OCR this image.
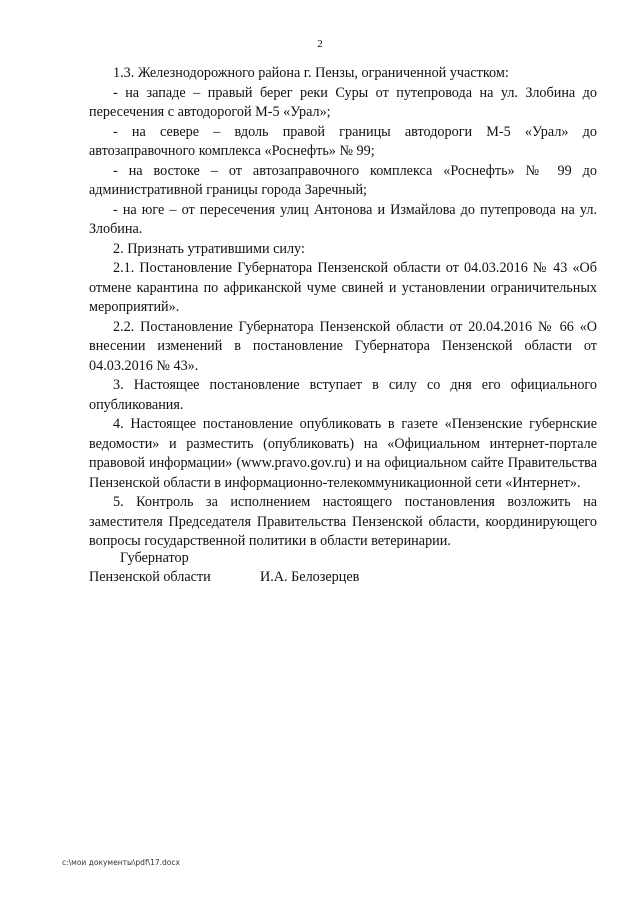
2

1.3. Железнодорожного района г. Пензы, ограниченной участком:

- на западе – правый берег реки Суры от путепровода на ул. Злобина до пересечения с автодорогой М-5 «Урал»;

- на севере – вдоль правой границы автодороги М-5 «Урал» до автозаправочного комплекса «Роснефть» № 99;

- на востоке – от автозаправочного комплекса «Роснефть» № 99 до административной границы города Заречный;

- на юге – от пересечения улиц Антонова и Измайлова до путепровода на ул. Злобина.

2. Признать утратившими силу:

2.1. Постановление Губернатора Пензенской области от 04.03.2016 № 43 «Об отмене карантина по африканской чуме свиней и установлении ограничительных мероприятий».

2.2. Постановление Губернатора Пензенской области от 20.04.2016 № 66 «О внесении изменений в постановление Губернатора Пензенской области от 04.03.2016 № 43».

3. Настоящее постановление вступает в силу со дня его официального опубликования.

4. Настоящее постановление опубликовать в газете «Пензенские губернские ведомости» и разместить (опубликовать) на «Официальном интернет-портале правовой информации» (www.pravo.gov.ru) и на официальном сайте Правительства Пензенской области в информационно-телекоммуникационной сети «Интернет».

5. Контроль за исполнением настоящего постановления возложить на заместителя Председателя Правительства Пензенской области, координирующего вопросы государственной политики в области ветеринарии.

Губернатор
Пензенской области	И.А. Белозерцев
c:\мои документы\pdf\17.docx
